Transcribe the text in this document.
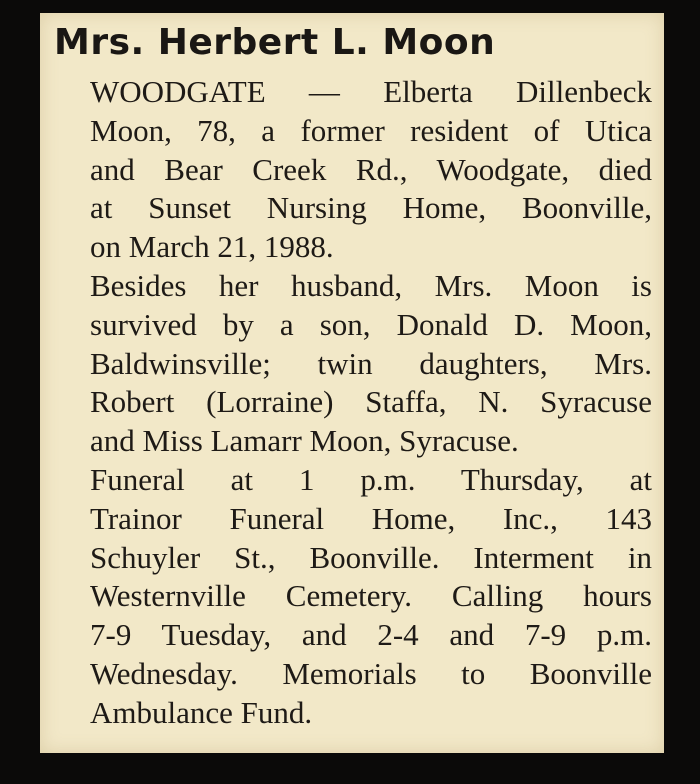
Mrs. Herbert L. Moon

WOODGATE — Elberta Dillenbeck
Moon, 78, a former resident of Utica
and Bear Creek Rd., Woodgate, died
at Sunset Nursing Home, Boonville,
on March 21, 1988.

Besides her husband, Mrs. Moon is
survived by a son, Donald D. Moon,
Baldwinsville; twin daughters, Mrs.
Robert (Lorraine) Staffa, N. Syracuse
and Miss Lamarr Moon, Syracuse.

Funeral at 1 p.m. Thursday, at
Trainor Funeral Home, Inc., 143
Schuyler St., Boonville. Interment in
Westernville Cemetery. Calling hours
7-9 Tuesday, and 2-4 and 7-9 p.m.
Wednesday. Memorials to Boonville
Ambulance Fund.
